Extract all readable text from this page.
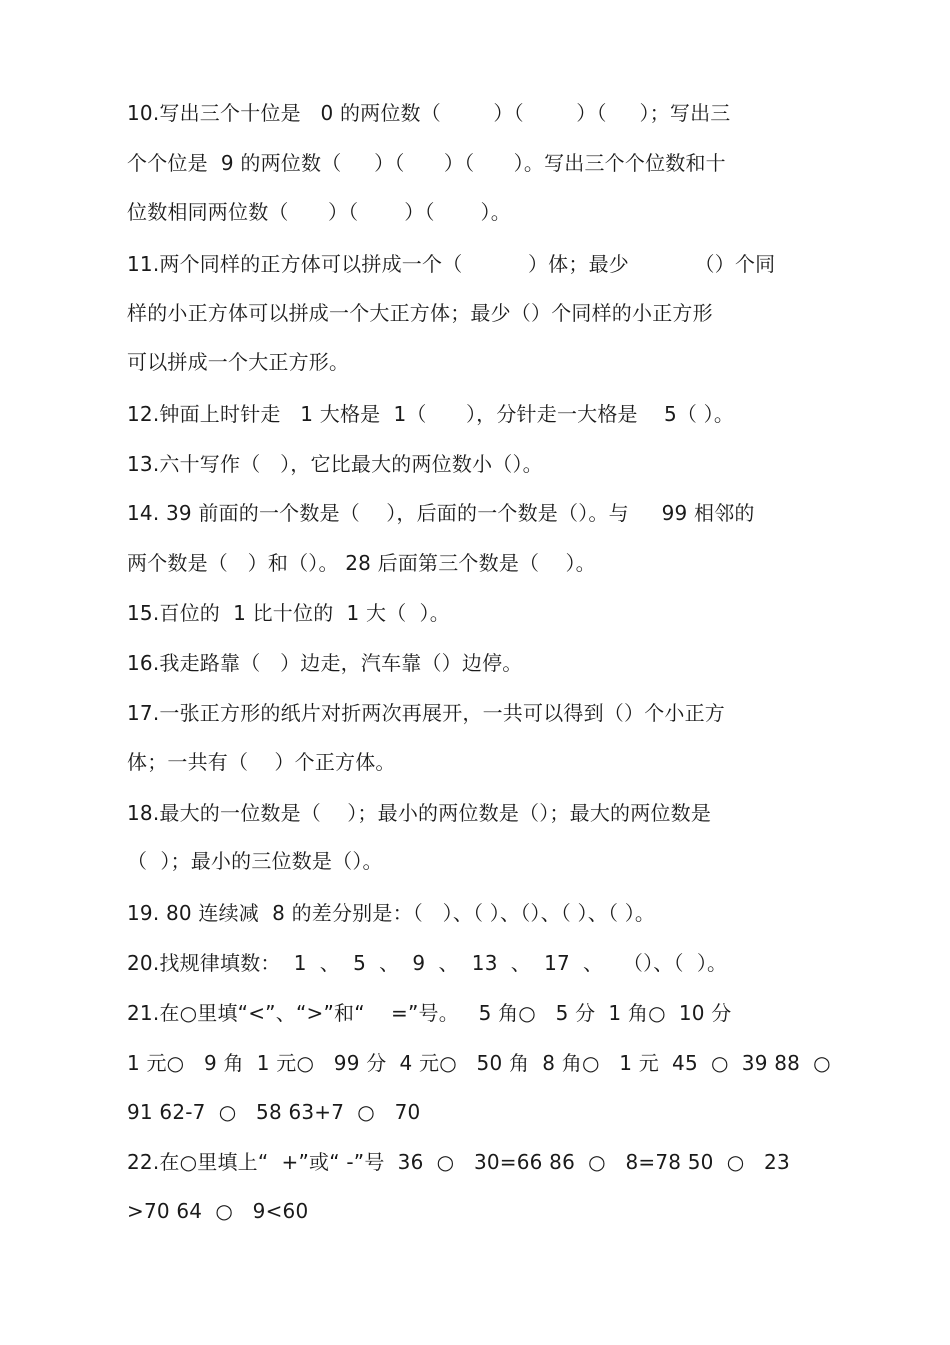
10.写出三个十位是   0 的两位数（        ）（        ）（     ）；写出三
个个位是  9 的两位数（     ）（      ）（      ）。写出三个个位数和十
位数相同两位数（      ）（       ）（       ）。
11.两个同样的正方体可以拼成一个（          ）体；最少          （）个同
样的小正方体可以拼成一个大正方体；最少（）个同样的小正方形
可以拼成一个大正方形。
12.钟面上时针走   1 大格是  1（      ），分针走一大格是    5（ ）。
13.六十写作（   ），它比最大的两位数小（）。
14. 39 前面的一个数是（    ），后面的一个数是（）。与     99 相邻的
两个数是（   ）和（）。 28 后面第三个数是（    ）。
15.百位的  1 比十位的  1 大（  ）。
16.我走路靠（   ）边走，汽车靠（）边停。
17.一张正方形的纸片对折两次再展开，一共可以得到（）个小正方
体；一共有（    ）个正方体。
18.最大的一位数是（    ）；最小的两位数是（）；最大的两位数是
（  ）；最小的三位数是（）。
19. 80 连续减  8 的差分别是：（   ）、（ ）、（）、（ ）、（ ）。
20.找规律填数：  1  、  5  、  9  、  13  、  17  、   （）、（  ）。
21.在○里填“<”、“>”和“    =”号。   5 角○   5 分  1 角○  10 分
1 元○   9 角  1 元○   99 分  4 元○   50 角  8 角○   1 元  45  ○  39 88  ○
91 62-7  ○   58 63+7  ○   70
22.在○里填上“  +”或“ -”号  36  ○   30=66 86  ○   8=78 50  ○   23
>70 64  ○   9<60
